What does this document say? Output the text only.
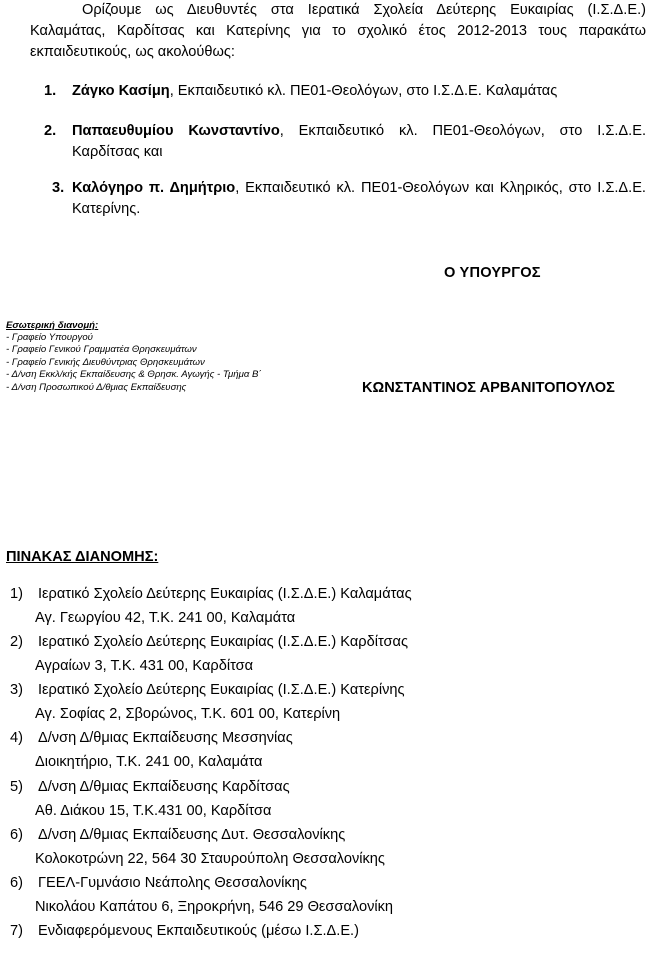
Ορίζουμε ως Διευθυντές στα Ιερατικά Σχολεία Δεύτερης Ευκαιρίας (Ι.Σ.Δ.Ε.) Καλαμάτας, Καρδίτσας και Κατερίνης για το σχολικό έτος 2012-2013 τους παρακάτω εκπαιδευτικούς, ως ακολούθως:

1. Ζάγκο Κασίμη, Εκπαιδευτικό κλ. ΠΕ01-Θεολόγων, στο Ι.Σ.Δ.Ε. Καλαμάτας
2. Παπαευθυμίου Κωνσταντίνο, Εκπαιδευτικό κλ. ΠΕ01-Θεολόγων, στο Ι.Σ.Δ.Ε. Καρδίτσας και
3. Καλόγηρο π. Δημήτριο, Εκπαιδευτικό κλ. ΠΕ01-Θεολόγων και Κληρικός, στο Ι.Σ.Δ.Ε. Κατερίνης.
Ο ΥΠΟΥΡΓΟΣ
Εσωτερική διανομή:
- Γραφείο Υπουργού
- Γραφείο Γενικού Γραμματέα Θρησκευμάτων
- Γραφείο Γενικής Διευθύντριας Θρησκευμάτων
- Δ/νση Εκκλ/κής Εκπαίδευσης & Θρησκ. Αγωγής - Τμήμα Β΄
- Δ/νση Προσωπικού Δ/θμιας Εκπαίδευσης	ΚΩΝΣΤΑΝΤΙΝΟΣ ΑΡΒΑΝΙΤΟΠΟΥΛΟΣ
ΠΙΝΑΚΑΣ ΔΙΑΝΟΜΗΣ:
1) Ιερατικό Σχολείο Δεύτερης Ευκαιρίας (Ι.Σ.Δ.Ε.) Καλαμάτας
Αγ. Γεωργίου 42, Τ.Κ. 241 00, Καλαμάτα
2) Ιερατικό Σχολείο Δεύτερης Ευκαιρίας (Ι.Σ.Δ.Ε.) Καρδίτσας
Αγραίων 3, Τ.Κ. 431 00, Καρδίτσα
3) Ιερατικό Σχολείο Δεύτερης Ευκαιρίας (Ι.Σ.Δ.Ε.) Κατερίνης
Αγ. Σοφίας 2, Σβορώνος, Τ.Κ. 601 00, Κατερίνη
4) Δ/νση Δ/θμιας Εκπαίδευσης Μεσσηνίας
Διοικητήριο, Τ.Κ. 241 00, Καλαμάτα
5) Δ/νση Δ/θμιας Εκπαίδευσης Καρδίτσας
Αθ. Διάκου 15, Τ.Κ.431 00, Καρδίτσα
6) Δ/νση Δ/θμιας Εκπαίδευσης Δυτ. Θεσσαλονίκης
Κολοκοτρώνη 22, 564 30 Σταυρούπολη Θεσσαλονίκης
6) ΓΕΕΛ-Γυμνάσιο Νεάπολης Θεσσαλονίκης
Νικολάου Καπάτου 6, Ξηροκρήνη, 546 29 Θεσσαλονίκη
7) Ενδιαφερόμενους Εκπαιδευτικούς (μέσω Ι.Σ.Δ.Ε.)
